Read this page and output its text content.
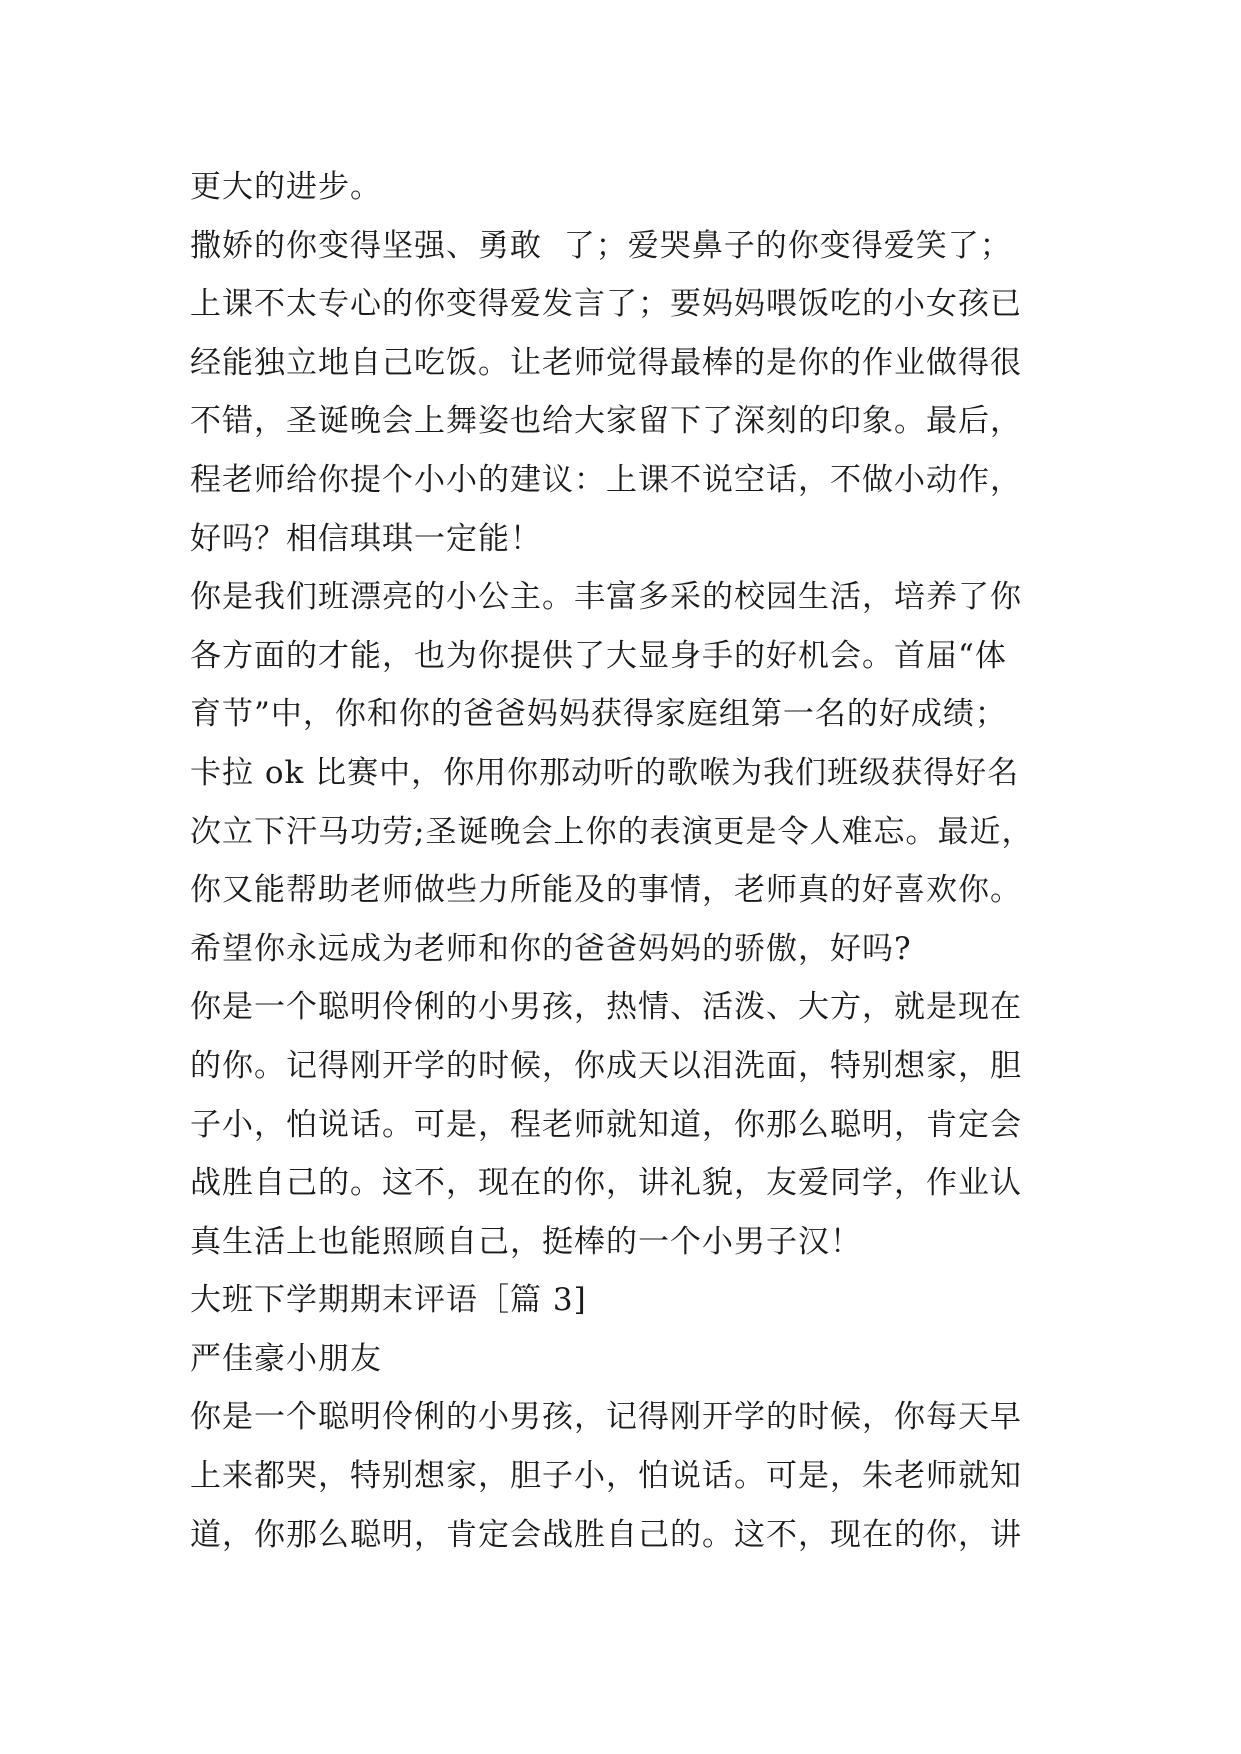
更大的进步。
撒娇的你变得坚强、勇敢  了；爱哭鼻子的你变得爱笑了；
上课不太专心的你变得爱发言了；要妈妈喂饭吃的小女孩已
经能独立地自己吃饭。让老师觉得最棒的是你的作业做得很
不错，圣诞晚会上舞姿也给大家留下了深刻的印象。最后，
程老师给你提个小小的建议：上课不说空话，不做小动作，
好吗？相信琪琪一定能！
你是我们班漂亮的小公主。丰富多采的校园生活，培养了你
各方面的才能，也为你提供了大显身手的好机会。首届“体
育节”中，你和你的爸爸妈妈获得家庭组第一名的好成绩；
卡拉 ok 比赛中，你用你那动听的歌喉为我们班级获得好名
次立下汗马功劳;圣诞晚会上你的表演更是令人难忘。最近，
你又能帮助老师做些力所能及的事情，老师真的好喜欢你。
希望你永远成为老师和你的爸爸妈妈的骄傲，好吗?
你是一个聪明伶俐的小男孩，热情、活泼、大方，就是现在
的你。记得刚开学的时候，你成天以泪洗面，特别想家，胆
子小，怕说话。可是，程老师就知道，你那么聪明，肯定会
战胜自己的。这不，现在的你，讲礼貌，友爱同学，作业认
真生活上也能照顾自己，挺棒的一个小男子汉！
大班下学期期末评语［篇 3]
严佳豪小朋友
你是一个聪明伶俐的小男孩，记得刚开学的时候，你每天早
上来都哭，特别想家，胆子小，怕说话。可是，朱老师就知
道，你那么聪明，肯定会战胜自己的。这不，现在的你，讲
